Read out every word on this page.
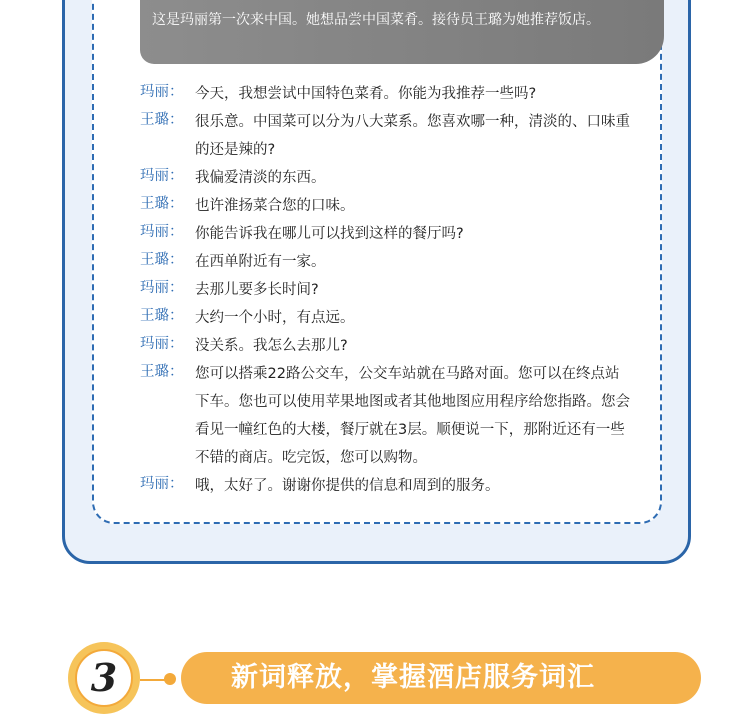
这是玛丽第一次来中国。她想品尝中国菜肴。接待员王璐为她推荐饭店。
玛丽： 今天，我想尝试中国特色菜肴。你能为我推荐一些吗?
王璐： 很乐意。中国菜可以分为八大菜系。您喜欢哪一种，清淡的、口味重的还是辣的?
玛丽： 我偏爱清淡的东西。
王璐： 也许淮扬菜合您的口味。
玛丽： 你能告诉我在哪儿可以找到这样的餐厅吗?
王璐： 在西单附近有一家。
玛丽： 去那儿要多长时间?
王璐： 大约一个小时，有点远。
玛丽： 没关系。我怎么去那儿?
王璐： 您可以搭乘22路公交车，公交车站就在马路对面。您可以在终点站下车。您也可以使用苹果地图或者其他地图应用程序给您指路。您会看见一幢红色的大楼，餐厅就在3层。顺便说一下，那附近还有一些不错的商店。吃完饭，您可以购物。
玛丽： 哦，太好了。谢谢你提供的信息和周到的服务。
3	新词释放，掌握酒店服务词汇
